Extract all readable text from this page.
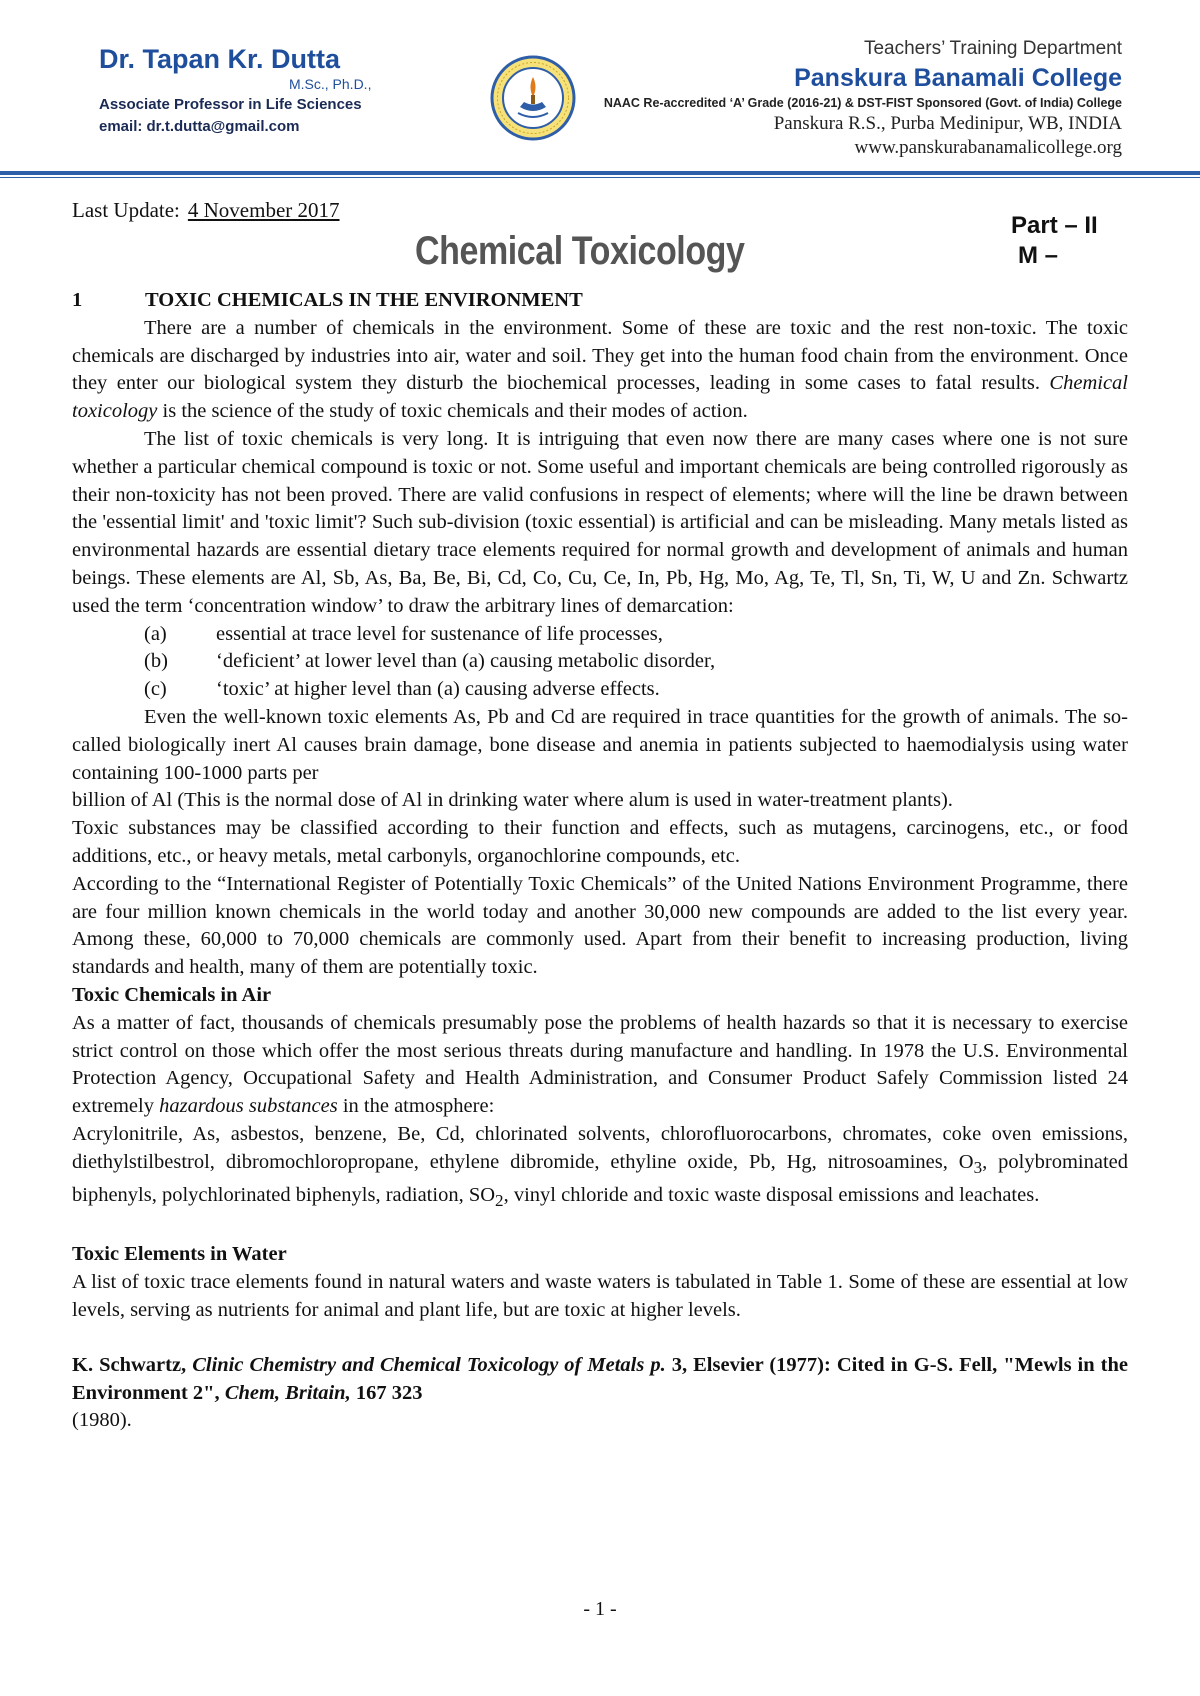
Dr. Tapan Kr. Dutta
M.Sc., Ph.D.,
Associate Professor in Life Sciences
email: dr.t.dutta@gmail.com
Teachers’ Training Department
Panskura Banamali College
NAAC Re-accredited ‘A’ Grade (2016-21) & DST-FIST Sponsored (Govt. of India) College
Panskura R.S., Purba Medinipur, WB, INDIA
www.panskurabanamalicollege.org
Last Update: 4 November 2017
Chemical Toxicology
Part – II
M –

1	TOXIC CHEMICALS IN THE ENVIRONMENT

There are a number of chemicals in the environment. Some of these are toxic and the rest non-toxic. The toxic chemicals are discharged by industries into air, water and soil. They get into the human food chain from the environment. Once they enter our biological system they disturb the biochemical processes, leading in some cases to fatal results. Chemical toxicology is the science of the study of toxic chemicals and their modes of action.

The list of toxic chemicals is very long. It is intriguing that even now there are many cases where one is not sure whether a particular chemical compound is toxic or not. Some useful and important chemicals are being controlled rigorously as their non-toxicity has not been proved. There are valid confusions in respect of elements; where will the line be drawn between the 'essential limit' and 'toxic limit'? Such sub-division (toxic essential) is artificial and can be misleading. Many metals listed as environmental hazards are essential dietary trace elements required for normal growth and development of animals and human beings. These elements are Al, Sb, As, Ba, Be, Bi, Cd, Co, Cu, Ce, In, Pb, Hg, Mo, Ag, Te, Tl, Sn, Ti, W, U and Zn. Schwartz used the term ‘concentration window’ to draw the arbitrary lines of demarcation:

(a) essential at trace level for sustenance of life processes,

(b) ‘deficient’ at lower level than (a) causing metabolic disorder,

(c) ‘toxic’ at higher level than (a) causing adverse effects.

Even the well-known toxic elements As, Pb and Cd are required in trace quantities for the growth of animals. The so-called biologically inert Al causes brain damage, bone disease and anemia in patients subjected to haemodialysis using water containing 100-1000 parts per

billion of Al (This is the normal dose of Al in drinking water where alum is used in water-treatment plants).

Toxic substances may be classified according to their function and effects, such as mutagens, carcinogens, etc., or food additions, etc., or heavy metals, metal carbonyls, organochlorine compounds, etc.

According to the “International Register of Potentially Toxic Chemicals” of the United Nations Environment Programme, there are four million known chemicals in the world today and another 30,000 new compounds are added to the list every year. Among these, 60,000 to 70,000 chemicals are commonly used. Apart from their benefit to increasing production, living standards and health, many of them are potentially toxic.

Toxic Chemicals in Air

As a matter of fact, thousands of chemicals presumably pose the problems of health hazards so that it is necessary to exercise strict control on those which offer the most serious threats during manufacture and handling. In 1978 the U.S. Environmental Protection Agency, Occupational Safety and Health Administration, and Consumer Product Safely Commission listed 24 extremely hazardous substances in the atmosphere:

Acrylonitrile, As, asbestos, benzene, Be, Cd, chlorinated solvents, chlorofluorocarbons, chromates, coke oven emissions, diethylstilbestrol, dibromochloropropane, ethylene dibromide, ethyline oxide, Pb, Hg, nitrosoamines, $O_3$, polybrominated biphenyls, polychlorinated biphenyls, radiation, $SO_2$, vinyl chloride and toxic waste disposal emissions and leachates.

Toxic Elements in Water

A list of toxic trace elements found in natural waters and waste waters is tabulated in Table 1. Some of these are essential at low levels, serving as nutrients for animal and plant life, but are toxic at higher levels.

K. Schwartz, Clinic Chemistry and Chemical Toxicology of Metals p. 3, Elsevier (1977): Cited in G-S. Fell, "Mewls in the Environment 2", Chem, Britain, 167 323

(1980).

- 1 -
